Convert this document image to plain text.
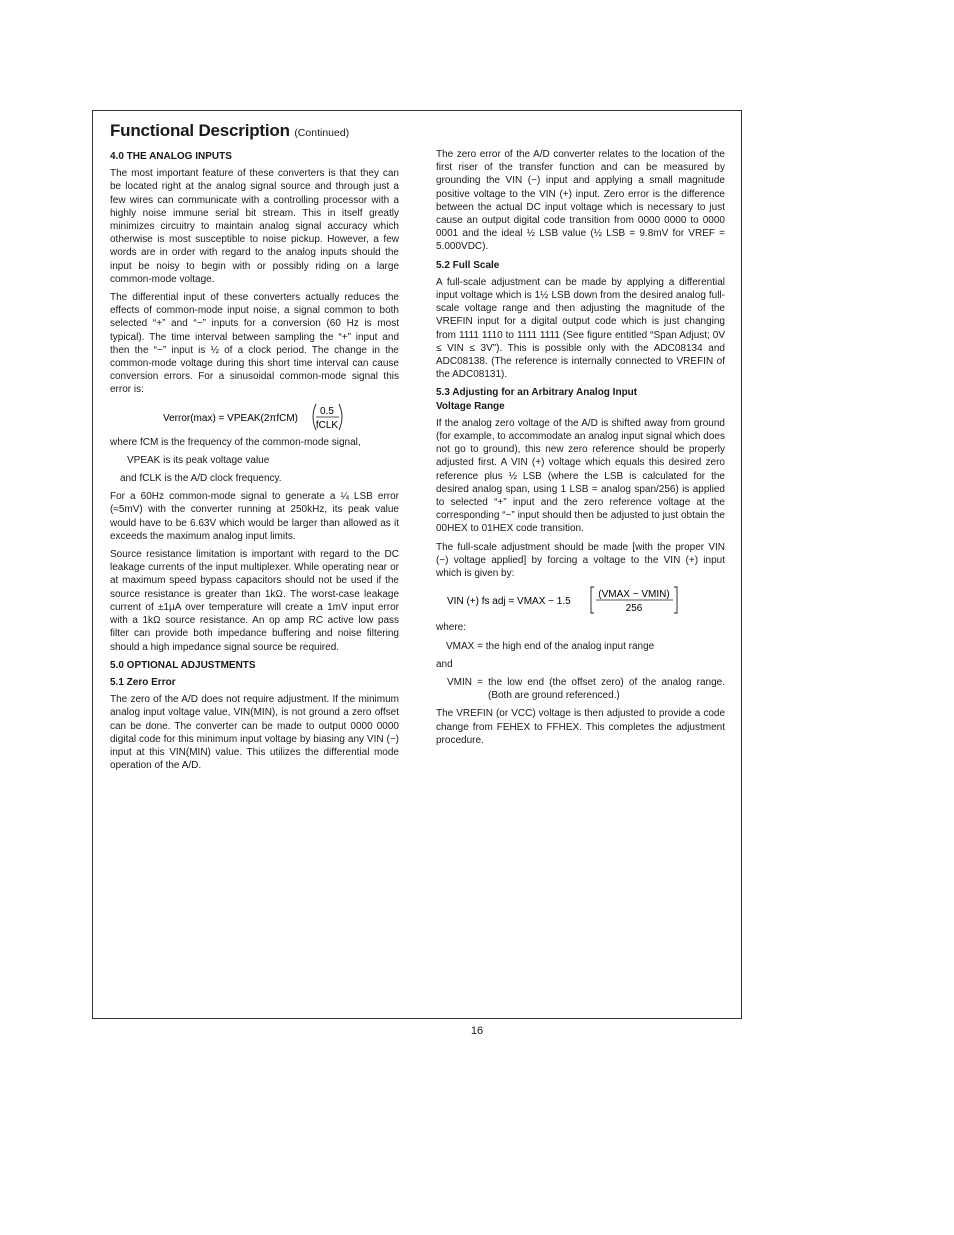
Functional Description (Continued)
4.0 THE ANALOG INPUTS

The most important feature of these converters is that they can be located right at the analog signal source and through just a few wires can communicate with a controlling processor with a highly noise immune serial bit stream. This in itself greatly minimizes circuitry to maintain analog signal accuracy which otherwise is most susceptible to noise pickup. However, a few words are in order with regard to the analog inputs should the input be noisy to begin with or possibly riding on a large common-mode voltage.

The differential input of these converters actually reduces the effects of common-mode input noise, a signal common to both selected “+” and “−” inputs for a conversion (60 Hz is most typical). The time interval between sampling the “+” input and then the “−” input is ½ of a clock period. The change in the common-mode voltage during this short time interval can cause conversion errors. For a sinusoidal common-mode signal this error is:

Verror(max) = VPEAK(2πfCM)
0.5
fCLK

where fCM is the frequency of the common-mode signal,

VPEAK is its peak voltage value

and fCLK is the A/D clock frequency.

For a 60Hz common-mode signal to generate a ¼ LSB error (≈5mV) with the converter running at 250kHz, its peak value would have to be 6.63V which would be larger than allowed as it exceeds the maximum analog input limits.

Source resistance limitation is important with regard to the DC leakage currents of the input multiplexer. While operating near or at maximum speed bypass capacitors should not be used if the source resistance is greater than 1kΩ. The worst-case leakage current of ±1µA over temperature will create a 1mV input error with a 1kΩ source resistance. An op amp RC active low pass filter can provide both impedance buffering and noise filtering should a high impedance signal source be required.

5.0 OPTIONAL ADJUSTMENTS
5.1 Zero Error

The zero of the A/D does not require adjustment. If the minimum analog input voltage value, VIN(MIN), is not ground a zero offset can be done. The converter can be made to output 0000 0000 digital code for this minimum input voltage by biasing any VIN (−) input at this VIN(MIN) value. This utilizes the differential mode operation of the A/D.

The zero error of the A/D converter relates to the location of the first riser of the transfer function and can be measured by grounding the VIN (−) input and applying a small magnitude positive voltage to the VIN (+) input. Zero error is the difference between the actual DC input voltage which is necessary to just cause an output digital code transition from 0000 0000 to 0000 0001 and the ideal ½ LSB value (½ LSB = 9.8mV for VREF = 5.000VDC).

5.2 Full Scale

A full-scale adjustment can be made by applying a differential input voltage which is 1½ LSB down from the desired analog full-scale voltage range and then adjusting the magnitude of the VREFIN input for a digital output code which is just changing from 1111 1110 to 1111 1111 (See figure entitled “Span Adjust; 0V ≤ VIN ≤ 3V”). This is possible only with the ADC08134 and ADC08138. (The reference is internally connected to VREFIN of the ADC08131).

5.3 Adjusting for an Arbitrary Analog Input
Voltage Range

If the analog zero voltage of the A/D is shifted away from ground (for example, to accommodate an analog input signal which does not go to ground), this new zero reference should be properly adjusted first. A VIN (+) voltage which equals this desired zero reference plus ½ LSB (where the LSB is calculated for the desired analog span, using 1 LSB = analog span/256) is applied to selected “+” input and the zero reference voltage at the corresponding “−” input should then be adjusted to just obtain the 00HEX to 01HEX code transition.

The full-scale adjustment should be made [with the proper VIN (−) voltage applied] by forcing a voltage to the VIN (+) input which is given by:

VIN (+) fs adj = VMAX − 1.5
(VMAX − VMIN)
256

where:

VMAX = the high end of the analog input range

and

VMIN = the low end (the offset zero) of the analog range. (Both are ground referenced.)

The VREFIN (or VCC) voltage is then adjusted to provide a code change from FEHEX to FFHEX. This completes the adjustment procedure.

16
